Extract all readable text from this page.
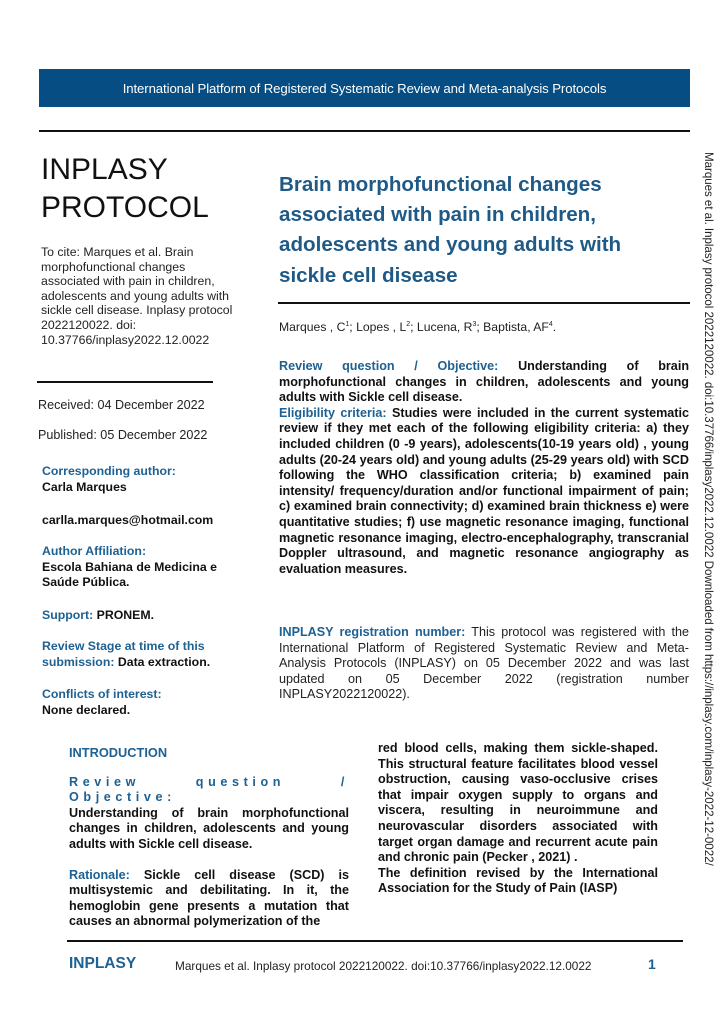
International Platform of Registered Systematic Review and Meta-analysis Protocols
INPLASY
PROTOCOL
To cite: Marques et al. Brain morphofunctional changes associated with pain in children, adolescents and young adults with sickle cell disease. Inplasy protocol 2022120022. doi: 10.37766/inplasy2022.12.0022
Received: 04 December 2022
Published: 05 December 2022
Corresponding author:
Carla Marques
carlla.marques@hotmail.com
Author Affiliation:
Escola Bahiana de Medicina e Saúde Pública.
Support: PRONEM.
Review Stage at time of this submission: Data extraction.
Conflicts of interest:
None declared.
Brain morphofunctional changes associated with pain in children, adolescents and young adults with sickle cell disease
Marques , $C^1$; Lopes , $L^2$; Lucena, $R^3$; Baptista, $AF^4$.

Review question / Objective: Understanding of brain morphofunctional changes in children, adolescents and young adults with Sickle cell disease.

Eligibility criteria: Studies were included in the current systematic review if they met each of the following eligibility criteria: a) they included children (0 -9 years), adolescents(10-19 years old) , young adults (20-24 years old) and young adults (25-29 years old) with SCD following the WHO classification criteria; b) examined pain intensity/ frequency/duration and/or functional impairment of pain; c) examined brain connectivity; d) examined brain thickness e) were quantitative studies; f) use magnetic resonance imaging, functional magnetic resonance imaging, electro-encephalography, transcranial Doppler ultrasound, and magnetic resonance angiography as evaluation measures.

INPLASY registration number: This protocol was registered with the International Platform of Registered Systematic Review and Meta-Analysis Protocols (INPLASY) on 05 December 2022 and was last updated on 05 December 2022 (registration number INPLASY2022120022).
INTRODUCTION

Review question / Objective:
Understanding of brain morphofunctional changes in children, adolescents and young adults with Sickle cell disease.

Rationale: Sickle cell disease (SCD) is multisystemic and debilitating. In it, the hemoglobin gene presents a mutation that causes an abnormal polymerization of the

red blood cells, making them sickle-shaped. This structural feature facilitates blood vessel obstruction, causing vaso-occlusive crises that impair oxygen supply to organs and viscera, resulting in neuroimmune and neurovascular disorders associated with target organ damage and recurrent acute pain and chronic pain (Pecker , 2021) .

The definition revised by the International Association for the Study of Pain (IASP)

INPLASY	Marques et al. Inplasy protocol 2022120022. doi:10.37766/inplasy2022.12.0022	1
Marques et al. Inplasy protocol 2022120022. doi:10.37766/inplasy2022.12.0022 Downloaded from https://inplasy.com/inplasy-2022-12-0022/
